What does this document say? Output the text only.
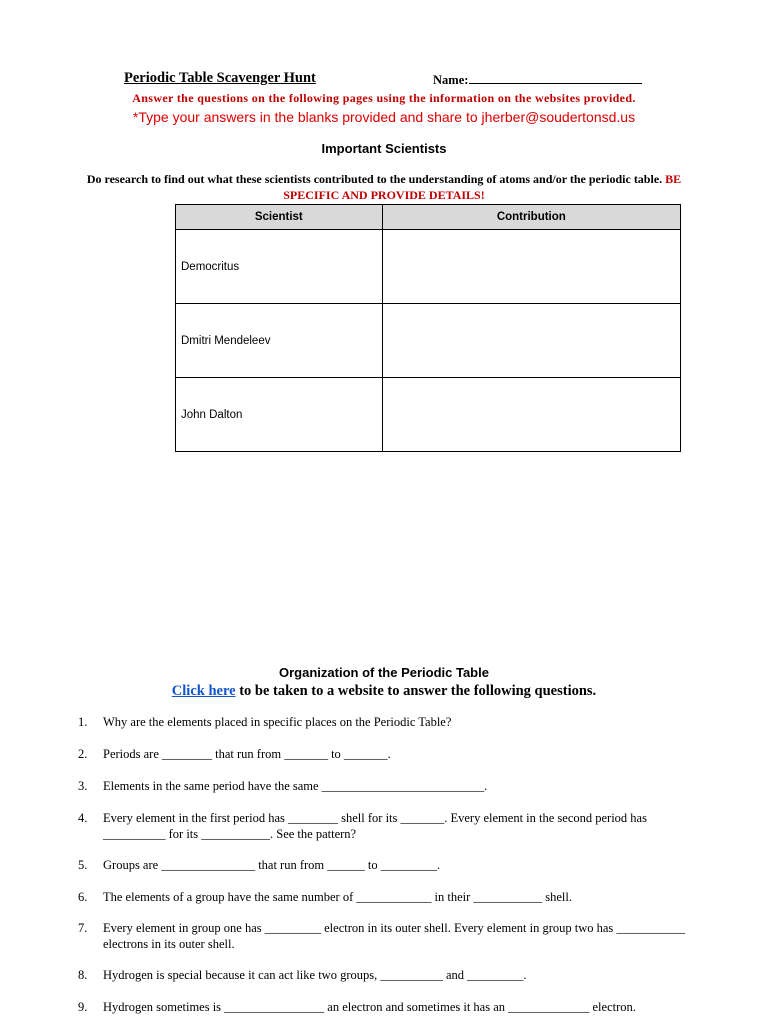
Periodic Table Scavenger Hunt	Name:
Answer the questions on the following pages using the information on the websites provided.
*Type your answers in the blanks provided and share to jherber@soudertonsd.us
Important Scientists
Do research to find out what these scientists contributed to the understanding of atoms and/or the periodic table. BE SPECIFIC AND PROVIDE DETAILS!
Scientist	Contribution
Democritus	
Dmitri Mendeleev	
John Dalton	
Organization of the Periodic Table
Click here to be taken to a website to answer the following questions.
1. Why are the elements placed in specific places on the Periodic Table?
2. Periods are ________ that run from _______ to _______.
3. Elements in the same period have the same __________________________.
4. Every element in the first period has ________ shell for its _______. Every element in the second period has __________ for its ___________. See the pattern?
5. Groups are _______________ that run from ______ to _________.
6. The elements of a group have the same number of ____________ in their ___________ shell.
7. Every element in group one has _________ electron in its outer shell. Every element in group two has ___________ electrons in its outer shell.
8. Hydrogen is special because it can act like two groups, __________ and _________.
9. Hydrogen sometimes is ________________ an electron and sometimes it has an _____________ electron.
